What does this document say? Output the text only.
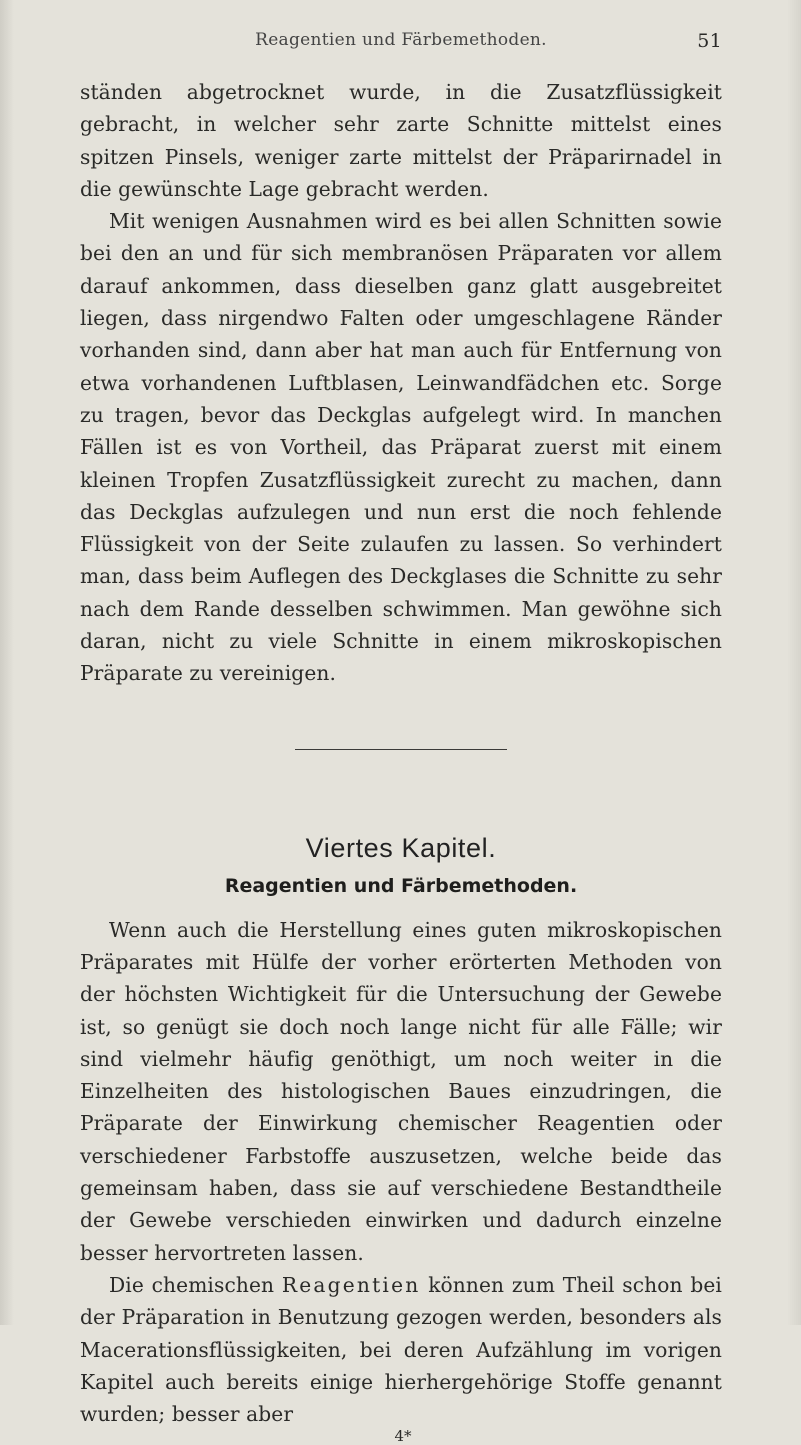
Reagentien und Färbemethoden.	51

ständen abgetrocknet wurde, in die Zusatzflüssigkeit gebracht, in welcher sehr zarte Schnitte mittelst eines spitzen Pinsels, weniger zarte mittelst der Präparirnadel in die gewünschte Lage gebracht werden.

Mit wenigen Ausnahmen wird es bei allen Schnitten sowie bei den an und für sich membranösen Präparaten vor allem darauf ankommen, dass dieselben ganz glatt ausgebreitet liegen, dass nirgendwo Falten oder umgeschlagene Ränder vorhanden sind, dann aber hat man auch für Entfernung von etwa vorhandenen Luftblasen, Leinwandfädchen etc. Sorge zu tragen, bevor das Deckglas aufgelegt wird. In manchen Fällen ist es von Vortheil, das Präparat zuerst mit einem kleinen Tropfen Zusatzflüssigkeit zurecht zu machen, dann das Deckglas aufzulegen und nun erst die noch fehlende Flüssigkeit von der Seite zulaufen zu lassen. So verhindert man, dass beim Auflegen des Deckglases die Schnitte zu sehr nach dem Rande desselben schwimmen. Man gewöhne sich daran, nicht zu viele Schnitte in einem mikroskopischen Präparate zu vereinigen.

Viertes Kapitel.
Reagentien und Färbemethoden.

Wenn auch die Herstellung eines guten mikroskopischen Präparates mit Hülfe der vorher erörterten Methoden von der höchsten Wichtigkeit für die Untersuchung der Gewebe ist, so genügt sie doch noch lange nicht für alle Fälle; wir sind vielmehr häufig genöthigt, um noch weiter in die Einzelheiten des histologischen Baues einzudringen, die Präparate der Einwirkung chemischer Reagentien oder verschiedener Farbstoffe auszusetzen, welche beide das gemeinsam haben, dass sie auf verschiedene Bestandtheile der Gewebe verschieden einwirken und dadurch einzelne besser hervortreten lassen.

Die chemischen Reagentien können zum Theil schon bei der Präparation in Benutzung gezogen werden, besonders als Macerationsflüssigkeiten, bei deren Aufzählung im vorigen Kapitel auch bereits einige hierhergehörige Stoffe genannt wurden; besser aber

4*
